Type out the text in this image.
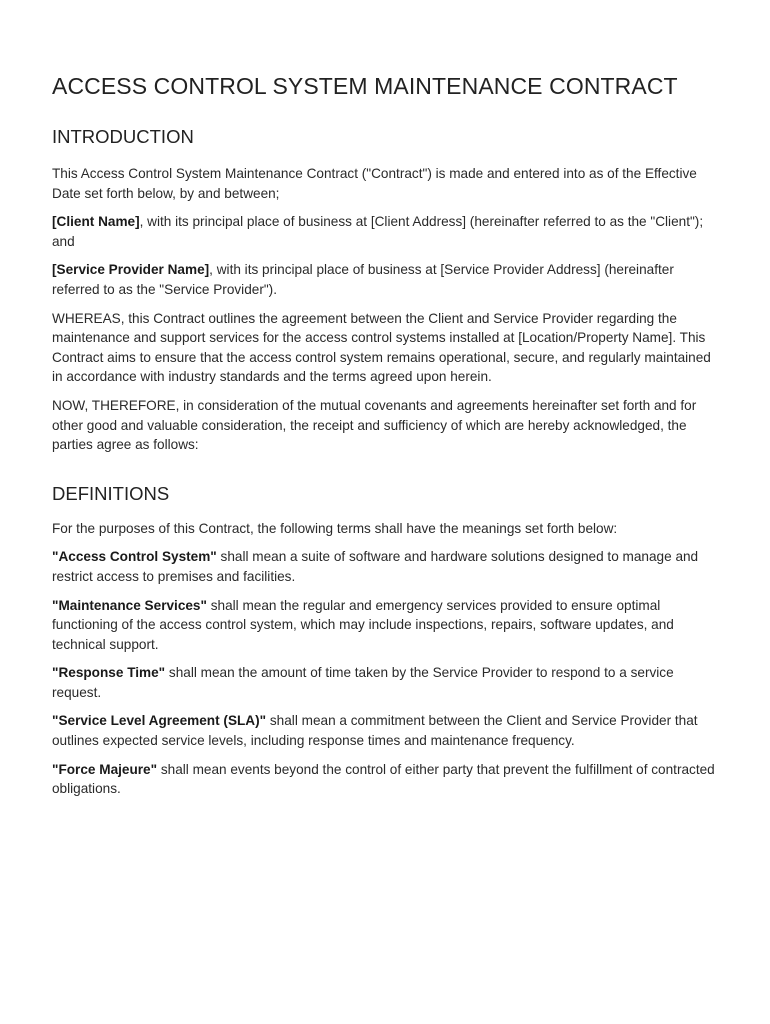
ACCESS CONTROL SYSTEM MAINTENANCE CONTRACT
INTRODUCTION

This Access Control System Maintenance Contract ("Contract") is made and entered into as of the Effective Date set forth below, by and between;

[Client Name], with its principal place of business at [Client Address] (hereinafter referred to as the "Client"); and

[Service Provider Name], with its principal place of business at [Service Provider Address] (hereinafter referred to as the "Service Provider").

WHEREAS, this Contract outlines the agreement between the Client and Service Provider regarding the maintenance and support services for the access control systems installed at [Location/Property Name]. This Contract aims to ensure that the access control system remains operational, secure, and regularly maintained in accordance with industry standards and the terms agreed upon herein.

NOW, THEREFORE, in consideration of the mutual covenants and agreements hereinafter set forth and for other good and valuable consideration, the receipt and sufficiency of which are hereby acknowledged, the parties agree as follows:

DEFINITIONS

For the purposes of this Contract, the following terms shall have the meanings set forth below:

"Access Control System" shall mean a suite of software and hardware solutions designed to manage and restrict access to premises and facilities.

"Maintenance Services" shall mean the regular and emergency services provided to ensure optimal functioning of the access control system, which may include inspections, repairs, software updates, and technical support.

"Response Time" shall mean the amount of time taken by the Service Provider to respond to a service request.

"Service Level Agreement (SLA)" shall mean a commitment between the Client and Service Provider that outlines expected service levels, including response times and maintenance frequency.

"Force Majeure" shall mean events beyond the control of either party that prevent the fulfillment of contracted obligations.
